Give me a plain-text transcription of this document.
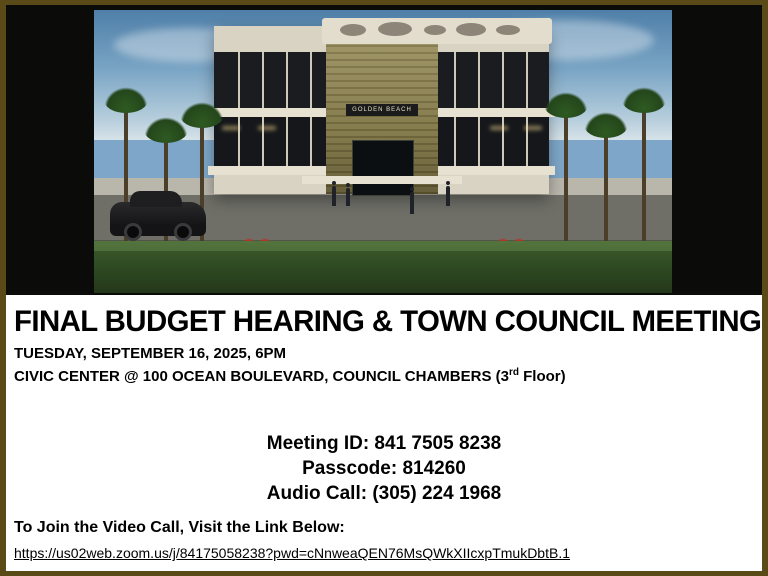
GOLDEN BEACH
FINAL BUDGET HEARING & TOWN COUNCIL MEETING
TUESDAY, SEPTEMBER 16, 2025, 6PM
CIVIC CENTER @ 100 OCEAN BOULEVARD, COUNCIL CHAMBERS (3rd Floor)
Meeting ID: 841 7505 8238
Passcode: 814260
Audio Call: (305) 224 1968
To Join the Video Call, Visit the Link Below:
https://us02web.zoom.us/j/84175058238?pwd=cNnweaQEN76MsQWkXIIcxpTmukDbtB.1
